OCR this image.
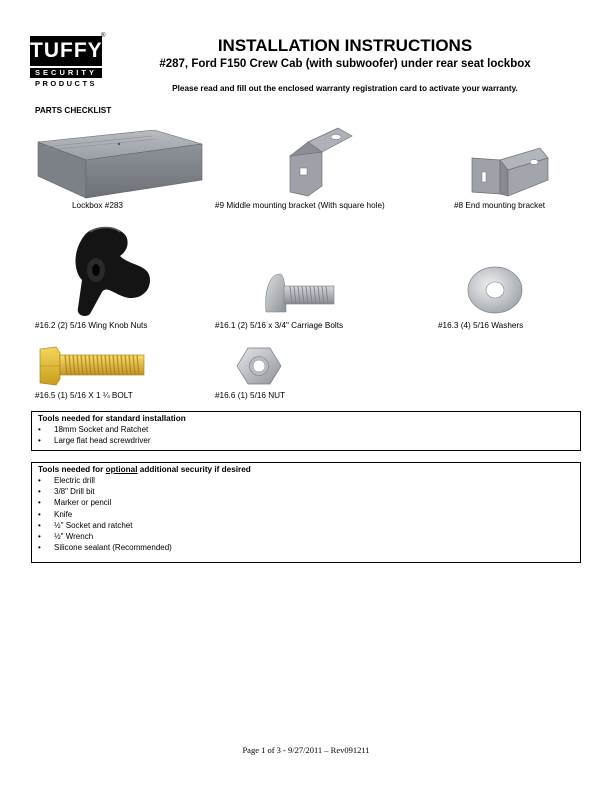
TUFFY
®
SECURITY
PRODUCTS
INSTALLATION INSTRUCTIONS
#287, Ford F150 Crew Cab (with subwoofer) under rear seat lockbox
Please read and fill out the enclosed warranty registration card to activate your warranty.
PARTS CHECKLIST
Lockbox #283	#9 Middle mounting bracket (With square hole)	#8 End mounting bracket
#16.2 (2) 5/16 Wing Knob Nuts	#16.1 (2) 5/16 x 3/4" Carriage Bolts	#16.3 (4) 5/16 Washers
#16.5 (1) 5/16 X 1 ¼ BOLT	#16.6 (1) 5/16 NUT
Tools needed for standard installation
• 18mm Socket and Ratchet
• Large flat head screwdriver
Tools needed for optional additional security if desired
• Electric drill
• 3/8" Drill bit
• Marker or pencil
• Knife
• ½" Socket and ratchet
• ½" Wrench
• Silicone sealant (Recommended)
Page 1 of 3 - 9/27/2011 – Rev091211
